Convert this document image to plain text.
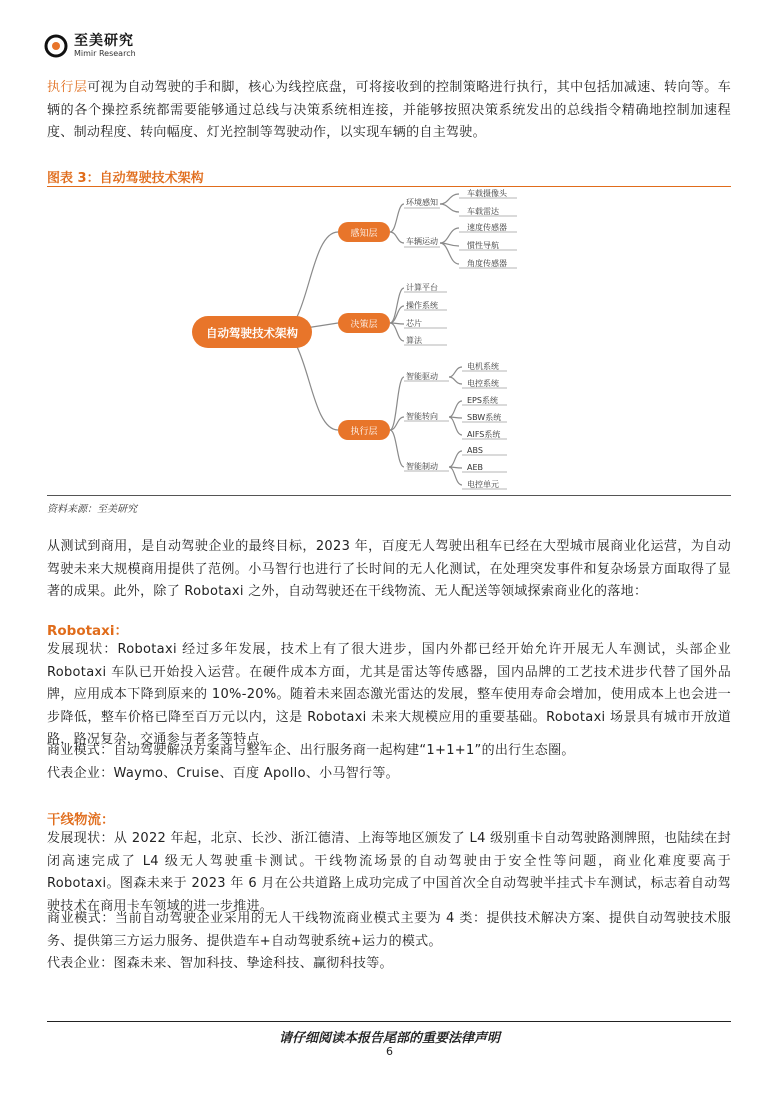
至美研究
Mimir Research

执行层可视为自动驾驶的手和脚，核心为线控底盘，可将接收到的控制策略进行执行，其中包括加减速、转向等。车辆的各个操控系统都需要能够通过总线与决策系统相连接，并能够按照决策系统发出的总线指令精确地控制加速程度、制动程度、转向幅度、灯光控制等驾驶动作，以实现车辆的自主驾驶。

图表 3：自动驾驶技术架构
自动驾驶技术架构
感知层
决策层
执行层
环境感知
车辆运动
车载摄像头
车载雷达
速度传感器
惯性导航
角度传感器
计算平台
操作系统
芯片
算法
智能驱动
智能转向
智能制动
电机系统
电控系统
EPS系统
SBW系统
AIFS系统
ABS
AEB
电控单元
资料来源：至美研究

从测试到商用，是自动驾驶企业的最终目标，2023 年，百度无人驾驶出租车已经在大型城市展商业化运营，为自动驾驶未来大规模商用提供了范例。小马智行也进行了长时间的无人化测试，在处理突发事件和复杂场景方面取得了显著的成果。此外，除了 Robotaxi 之外，自动驾驶还在干线物流、无人配送等领域探索商业化的落地：

Robotaxi：

发展现状：Robotaxi 经过多年发展，技术上有了很大进步，国内外都已经开始允许开展无人车测试，头部企业 Robotaxi 车队已开始投入运营。在硬件成本方面，尤其是雷达等传感器，国内品牌的工艺技术进步代替了国外品牌，应用成本下降到原来的 10%-20%。随着未来固态激光雷达的发展，整车使用寿命会增加，使用成本上也会进一步降低，整车价格已降至百万元以内，这是 Robotaxi 未来大规模应用的重要基础。Robotaxi 场景具有城市开放道路，路况复杂，交通参与者多等特点。

商业模式：自动驾驶解决方案商与整车企、出行服务商一起构建“1+1+1”的出行生态圈。

代表企业：Waymo、Cruise、百度 Apollo、小马智行等。

干线物流：

发展现状：从 2022 年起，北京、长沙、浙江德清、上海等地区颁发了 L4 级别重卡自动驾驶路测牌照，也陆续在封闭高速完成了 L4 级无人驾驶重卡测试。干线物流场景的自动驾驶由于安全性等问题，商业化难度要高于 Robotaxi。图森未来于 2023 年 6 月在公共道路上成功完成了中国首次全自动驾驶半挂式卡车测试，标志着自动驾驶技术在商用卡车领域的进一步推进。

商业模式：当前自动驾驶企业采用的无人干线物流商业模式主要为 4 类：提供技术解决方案、提供自动驾驶技术服务、提供第三方运力服务、提供造车+自动驾驶系统+运力的模式。

代表企业：图森未来、智加科技、挚途科技、赢彻科技等。

请仔细阅读本报告尾部的重要法律声明
6
